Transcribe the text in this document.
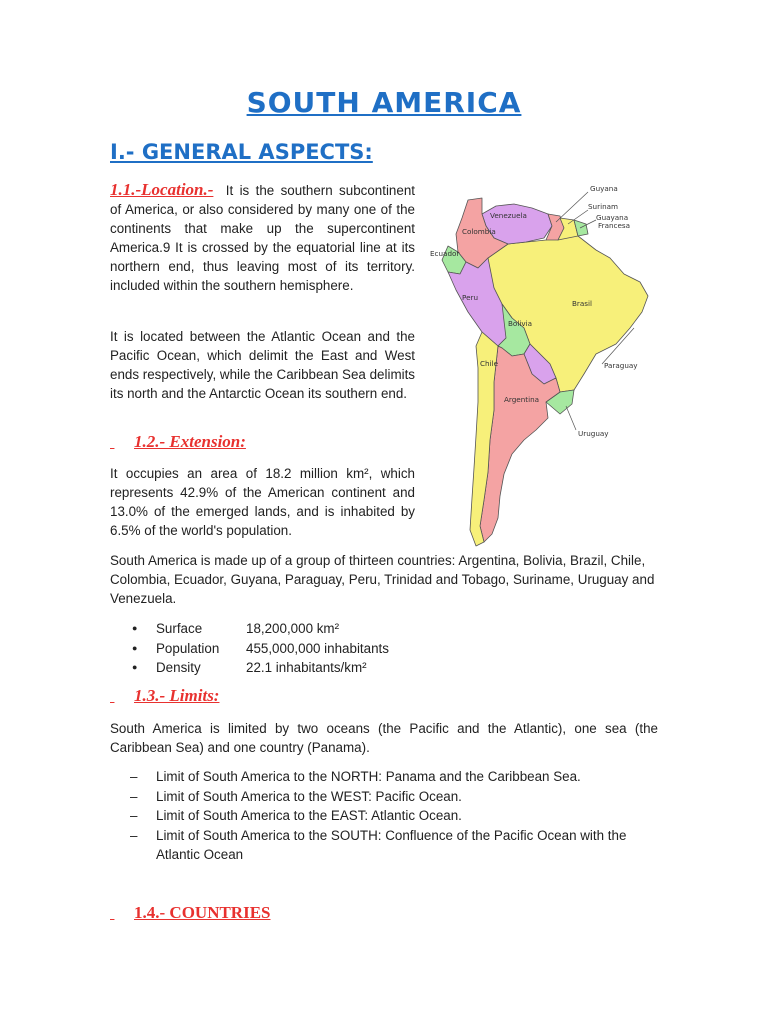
SOUTH AMERICA
I.- GENERAL ASPECTS:

1.1.-Location.- It is the southern subcontinent of America, or also considered by many one of the continents that make up the supercontinent America.9 It is crossed by the equatorial line at its northern end, thus leaving most of its territory. included within the southern hemisphere.

It is located between the Atlantic Ocean and the Pacific Ocean, which delimit the East and West ends respectively, while the Caribbean Sea delimits its north and the Antarctic Ocean its southern end.

1.2.- Extension:

It occupies an area of 18.2 million km², which represents 42.9% of the American continent and 13.0% of the emerged lands, and is inhabited by 6.5% of the world's population.

South America is made up of a group of thirteen countries: Argentina, Bolivia, Brazil, Chile, Colombia, Ecuador, Guyana, Paraguay, Peru, Trinidad and Tobago, Suriname, Uruguay and Venezuela.

● Surface	18,200,000 km²
● Population	455,000,000 inhabitants
● Density	22.1 inhabitants/km²

1.3.- Limits:

South America is limited by two oceans (the Pacific and the Atlantic), one sea (the Caribbean Sea) and one country (Panama).

– Limit of South America to the NORTH: Panama and the Caribbean Sea.
– Limit of South America to the WEST: Pacific Ocean.
– Limit of South America to the EAST: Atlantic Ocean.
– Limit of South America to the SOUTH: Confluence of the Pacific Ocean with the Atlantic Ocean

1.4.- COUNTRIES

Guyana
Surinam
Guayana
Francesa
Venezuela
Colombia
Ecuador
Peru
Brasil
Bolivia
Chile	Paraguay
Argentina
Uruguay
